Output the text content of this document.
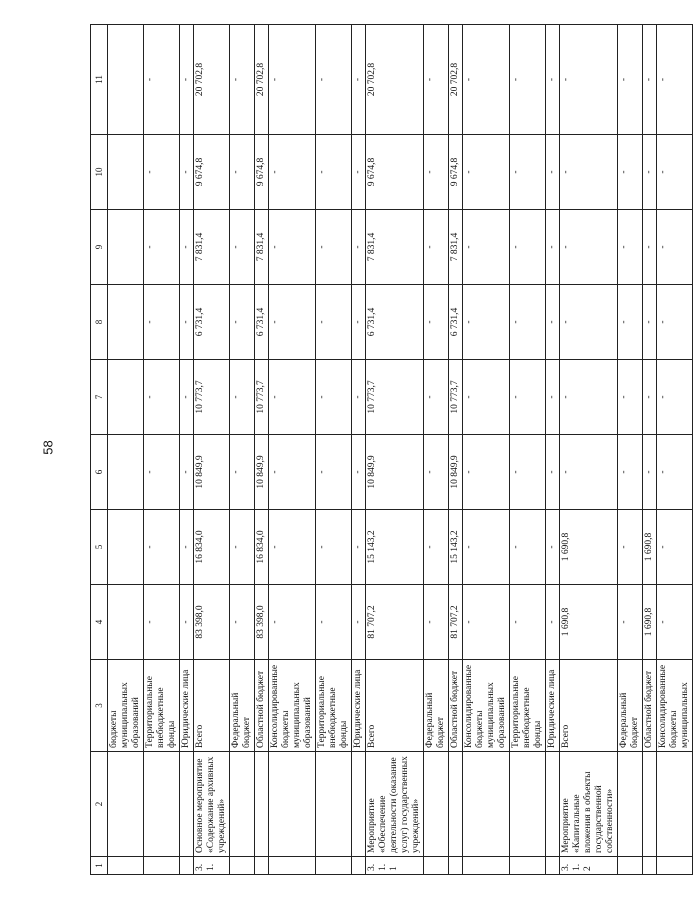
58
1	2	3	4	5	6	7	8	9	10	11
		бюджеты муниципальных образований								
		Территориальные внебюджетные фонды	-	-	-	-	-	-	-	-
		Юридические лица	-	-	-	-	-	-	-	-
3.1.	Основное мероприятие «Содержание архивных учреждений»	Всего	83 398,0	16 834,0	10 849,9	10 773,7	6 731,4	7 831,4	9 674,8	20 702,8
		Федеральный бюджет	-	-	-	-	-	-	-	-
		Областной бюджет	83 398,0	16 834,0	10 849,9	10 773,7	6 731,4	7 831,4	9 674,8	20 702,8
		Консолидированные бюджеты муниципальных образований	-	-	-	-	-	-	-	-
		Территориальные внебюджетные фонды	-	-	-	-	-	-	-	-
		Юридические лица	-	-	-	-	-	-	-	-
3.1.1	Мероприятие «Обеспечение деятельности (оказание услуг) государственных учреждений»	Всего	81 707,2	15 143,2	10 849,9	10 773,7	6 731,4	7 831,4	9 674,8	20 702,8
		Федеральный бюджет	-	-	-	-	-	-	-	-
		Областной бюджет	81 707,2	15 143,2	10 849,9	10 773,7	6 731,4	7 831,4	9 674,8	20 702,8
		Консолидированные бюджеты муниципальных образований	-	-	-	-	-	-	-	-
		Территориальные внебюджетные фонды	-	-	-	-	-	-	-	-
		Юридические лица	-	-	-	-	-	-	-	-
3.1.2	Мероприятие «Капитальные вложения в объекты государственной собственности»	Всего	1 690,8	1 690,8	-	-	-	-	-	-
		Федеральный бюджет	-	-	-	-	-	-	-	-
		Областной бюджет	1 690,8	1 690,8	-	-	-	-	-	-
		Консолидированные бюджеты муниципальных	-	-	-	-	-	-	-	-
